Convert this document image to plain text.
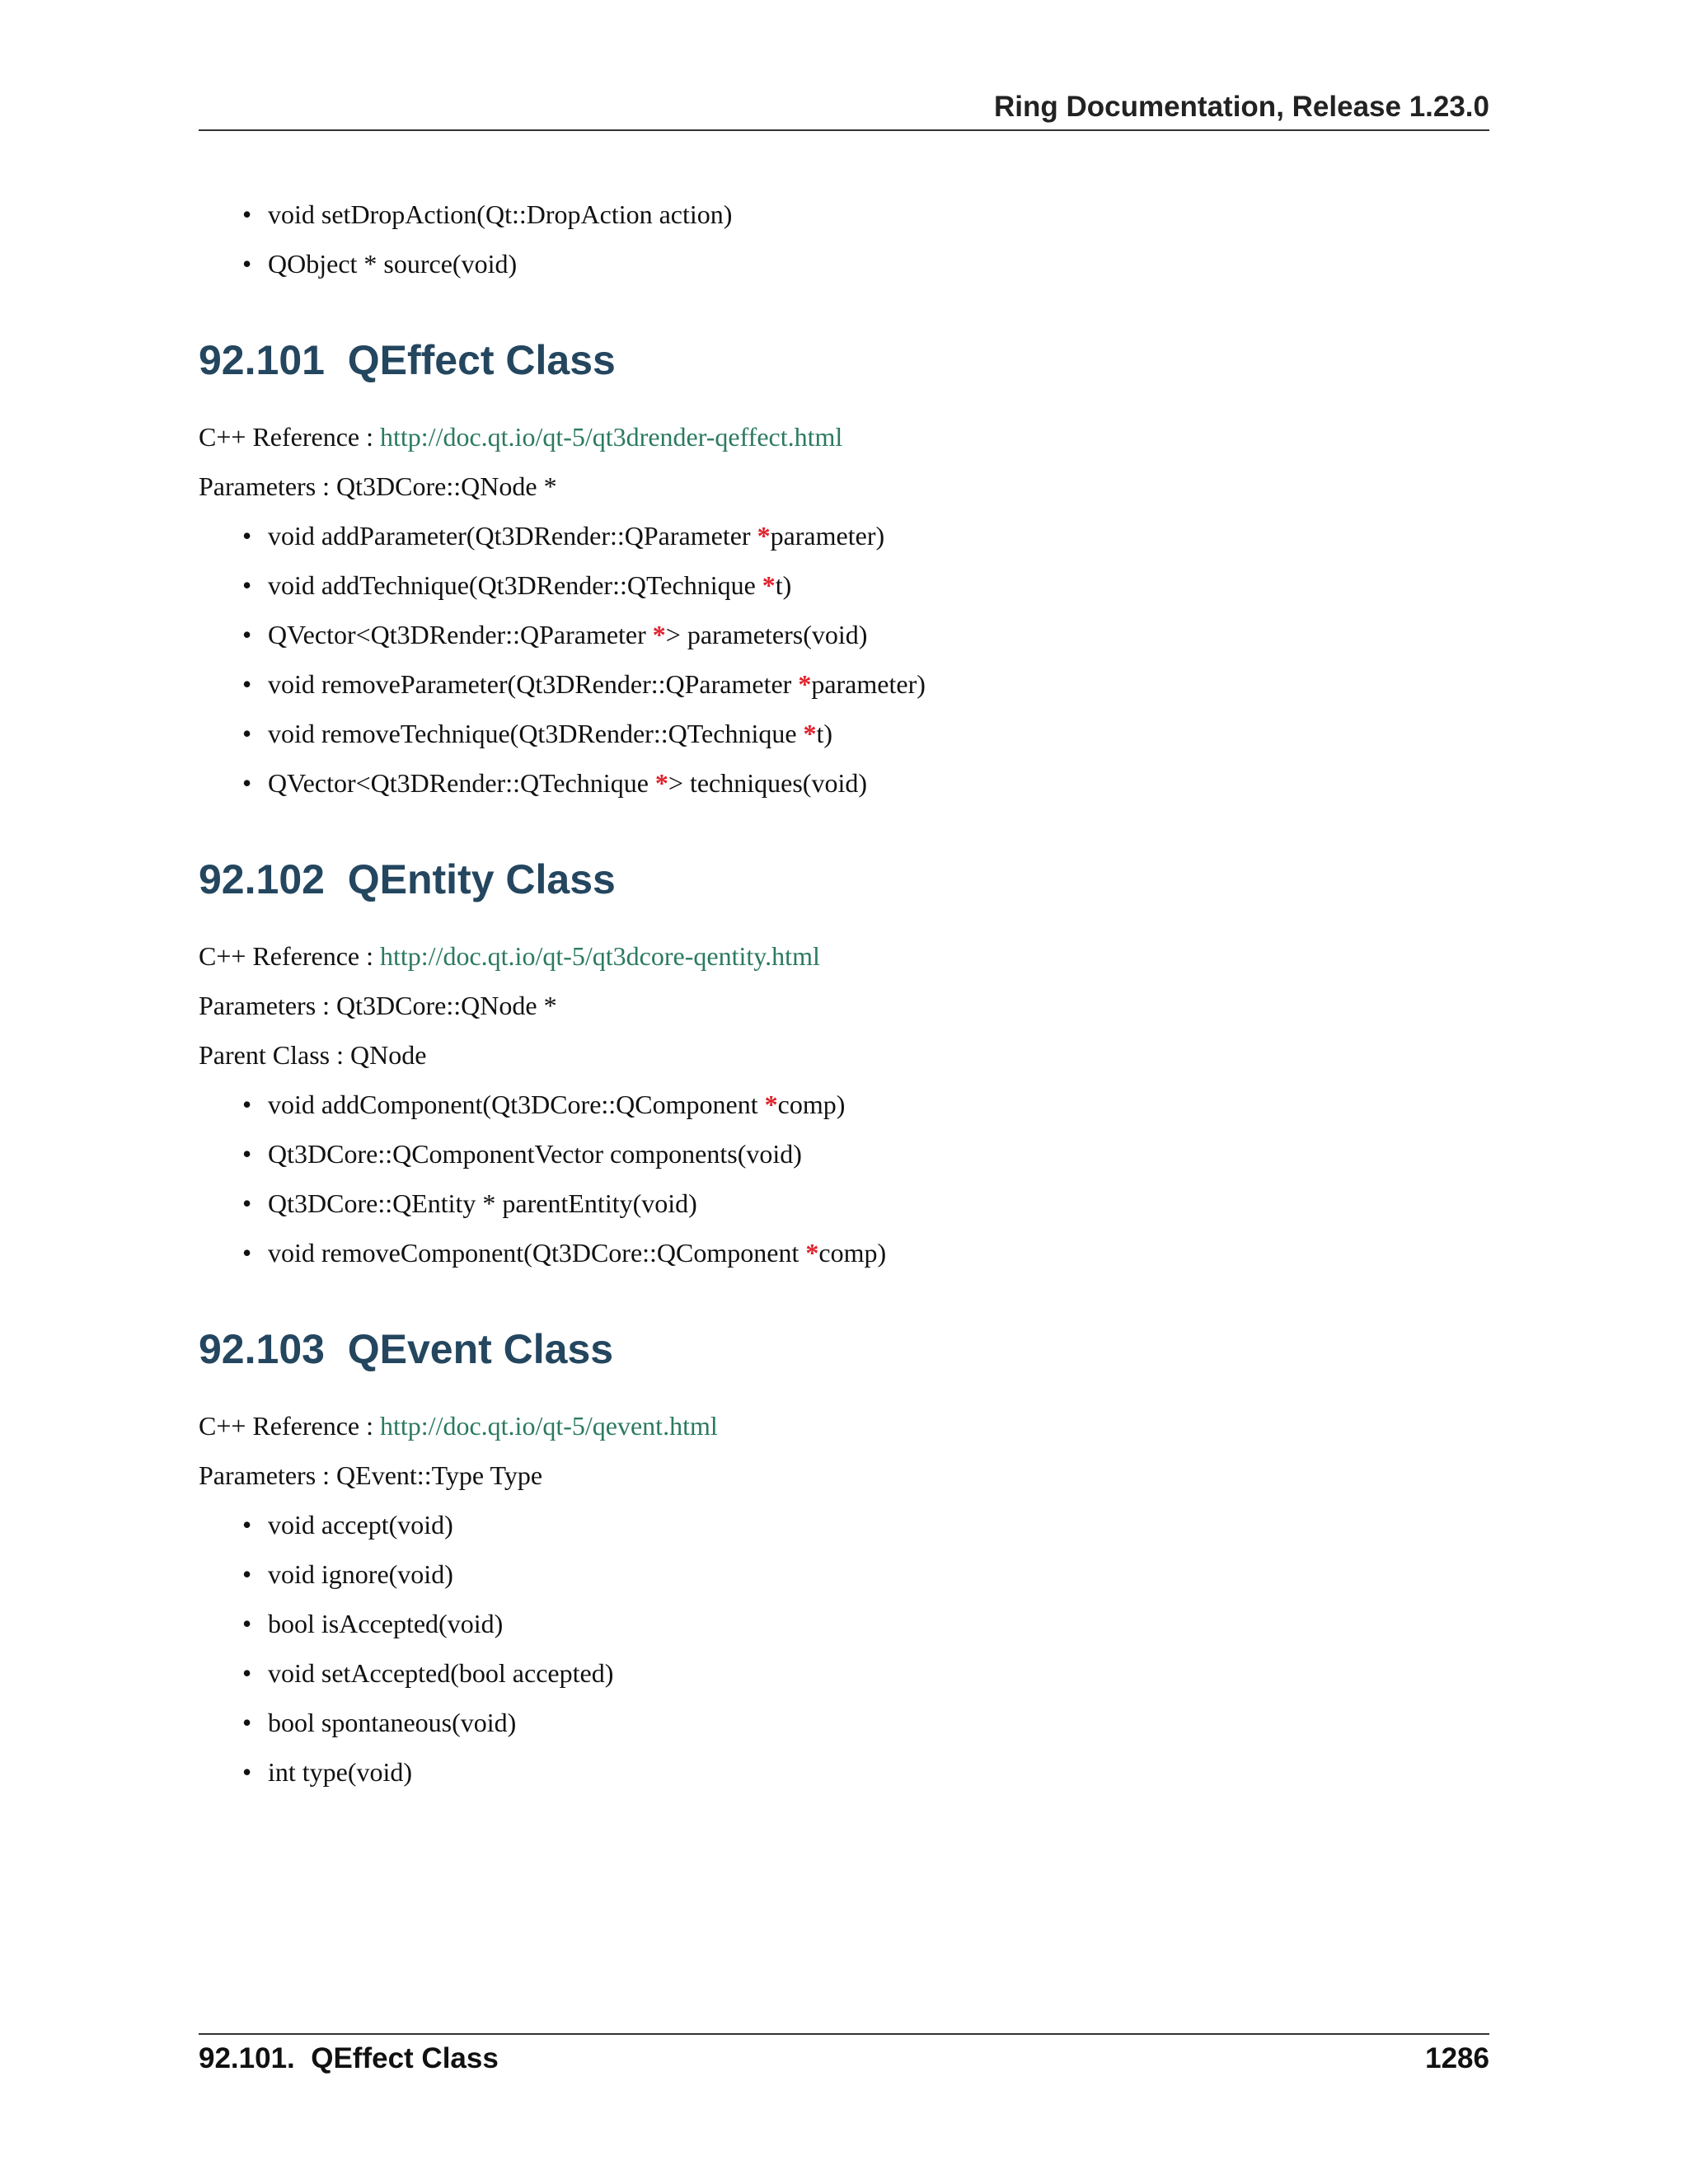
Ring Documentation, Release 1.23.0
• void setDropAction(Qt::DropAction action)
• QObject * source(void)
92.101  QEffect Class
C++ Reference : http://doc.qt.io/qt-5/qt3drender-qeffect.html
Parameters : Qt3DCore::QNode *
• void addParameter(Qt3DRender::QParameter *parameter)
• void addTechnique(Qt3DRender::QTechnique *t)
• QVector<Qt3DRender::QParameter *> parameters(void)
• void removeParameter(Qt3DRender::QParameter *parameter)
• void removeTechnique(Qt3DRender::QTechnique *t)
• QVector<Qt3DRender::QTechnique *> techniques(void)
92.102  QEntity Class
C++ Reference : http://doc.qt.io/qt-5/qt3dcore-qentity.html
Parameters : Qt3DCore::QNode *
Parent Class : QNode
• void addComponent(Qt3DCore::QComponent *comp)
• Qt3DCore::QComponentVector components(void)
• Qt3DCore::QEntity * parentEntity(void)
• void removeComponent(Qt3DCore::QComponent *comp)
92.103  QEvent Class
C++ Reference : http://doc.qt.io/qt-5/qevent.html
Parameters : QEvent::Type Type
• void accept(void)
• void ignore(void)
• bool isAccepted(void)
• void setAccepted(bool accepted)
• bool spontaneous(void)
• int type(void)
92.101.  QEffect Class	1286
